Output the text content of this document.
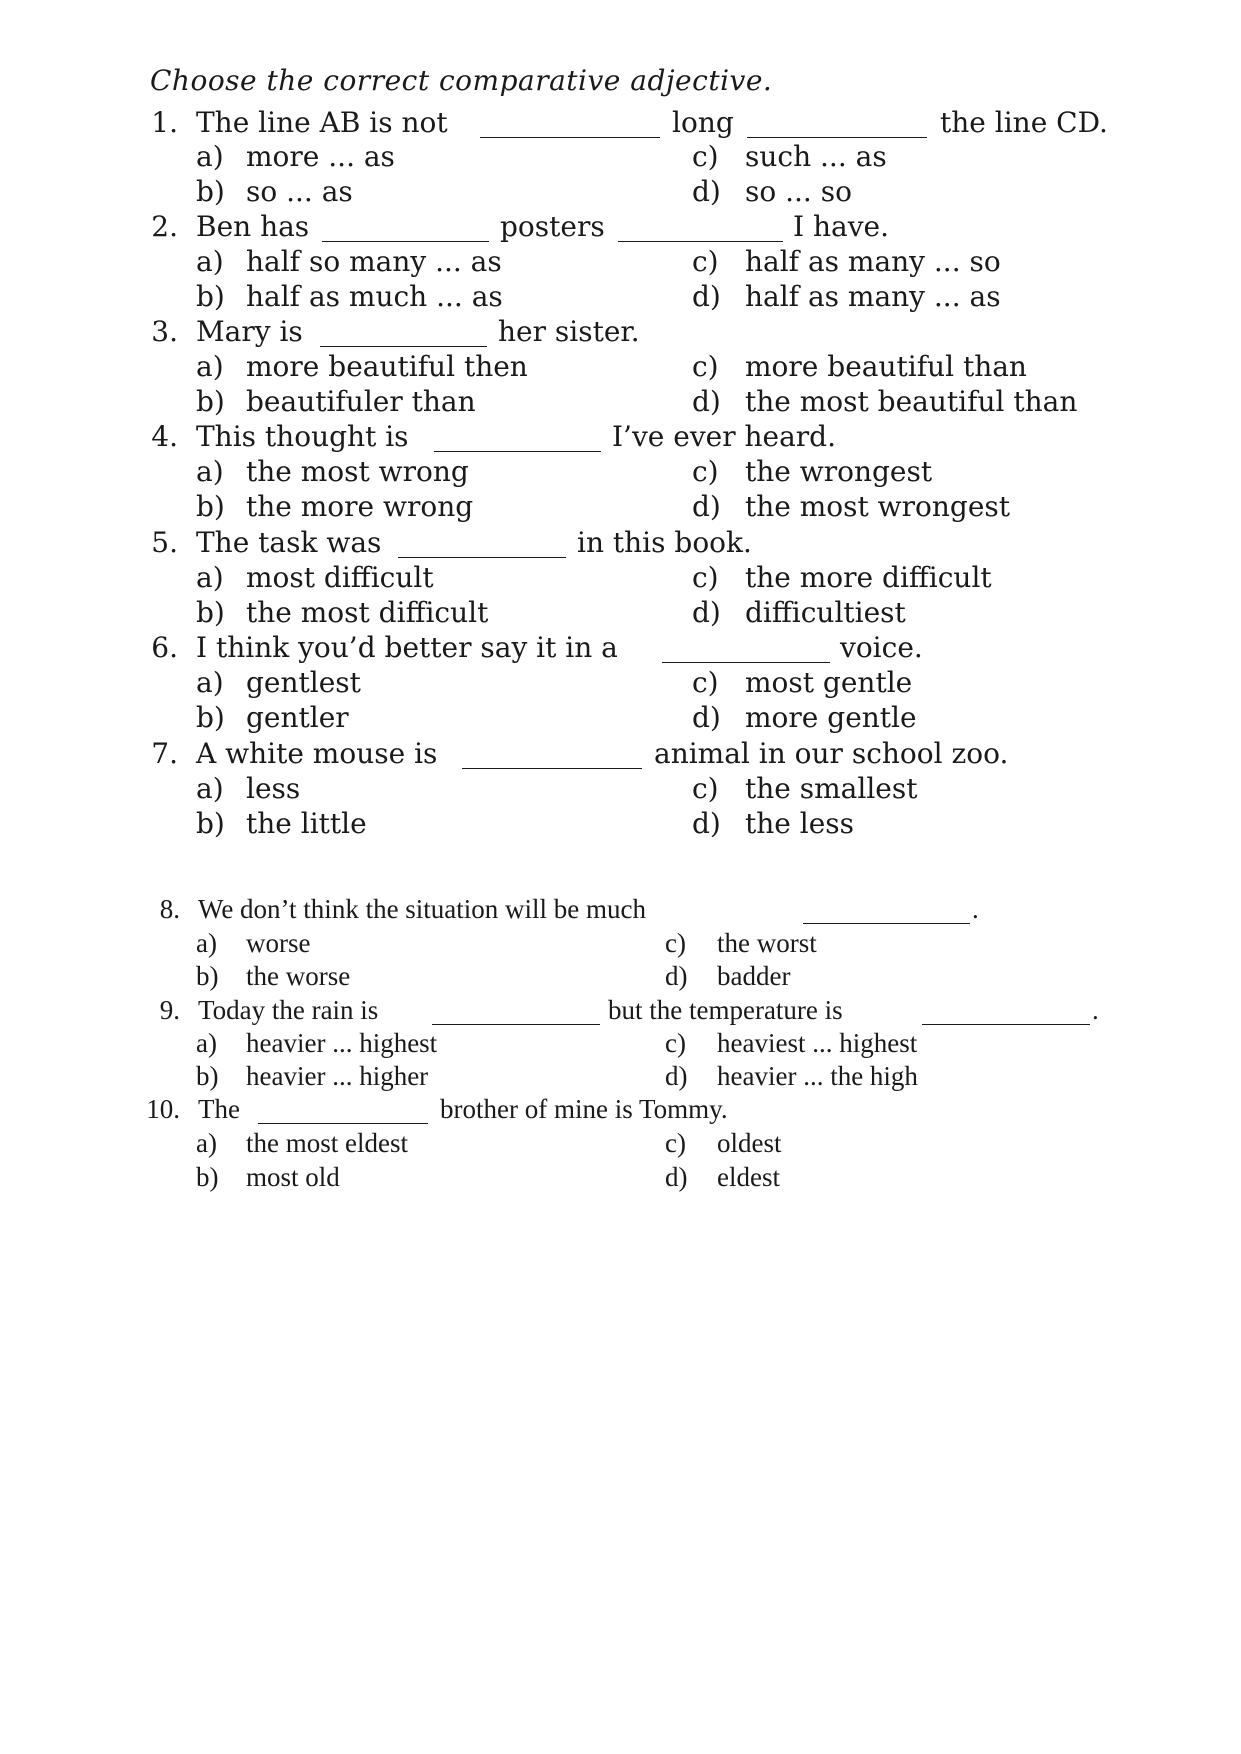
Choose the correct comparative adjective.
1. The line AB is not	long	the line CD.
a) more ... as	c) such ... as
b) so ... as	d) so ... so
2. Ben has	posters	I have.
a) half so many ... as	c) half as many ... so
b) half as much ... as	d) half as many ... as
3. Mary is	her sister.
a) more beautiful then	c) more beautiful than
b) beautifuler than	d) the most beautiful than
4. This thought is	I’ve ever heard.
a) the most wrong	c) the wrongest
b) the more wrong	d) the most wrongest
5. The task was	in this book.
a) most difficult	c) the more difficult
b) the most difficult	d) difficultiest
6. I think you’d better say it in a	voice.
a) gentlest	c) most gentle
b) gentler	d) more gentle
7. A white mouse is	animal in our school zoo.
a) less	c) the smallest
b) the little	d) the less
8. We don’t think the situation will be much	.
a) worse	c) the worst
b) the worse	d) badder
9. Today the rain is	but the temperature is	.
a) heavier ... highest	c) heaviest ... highest
b) heavier ... higher	d) heavier ... the high
10. The	brother of mine is Tommy.
a) the most eldest	c) oldest
b) most old	d) eldest
